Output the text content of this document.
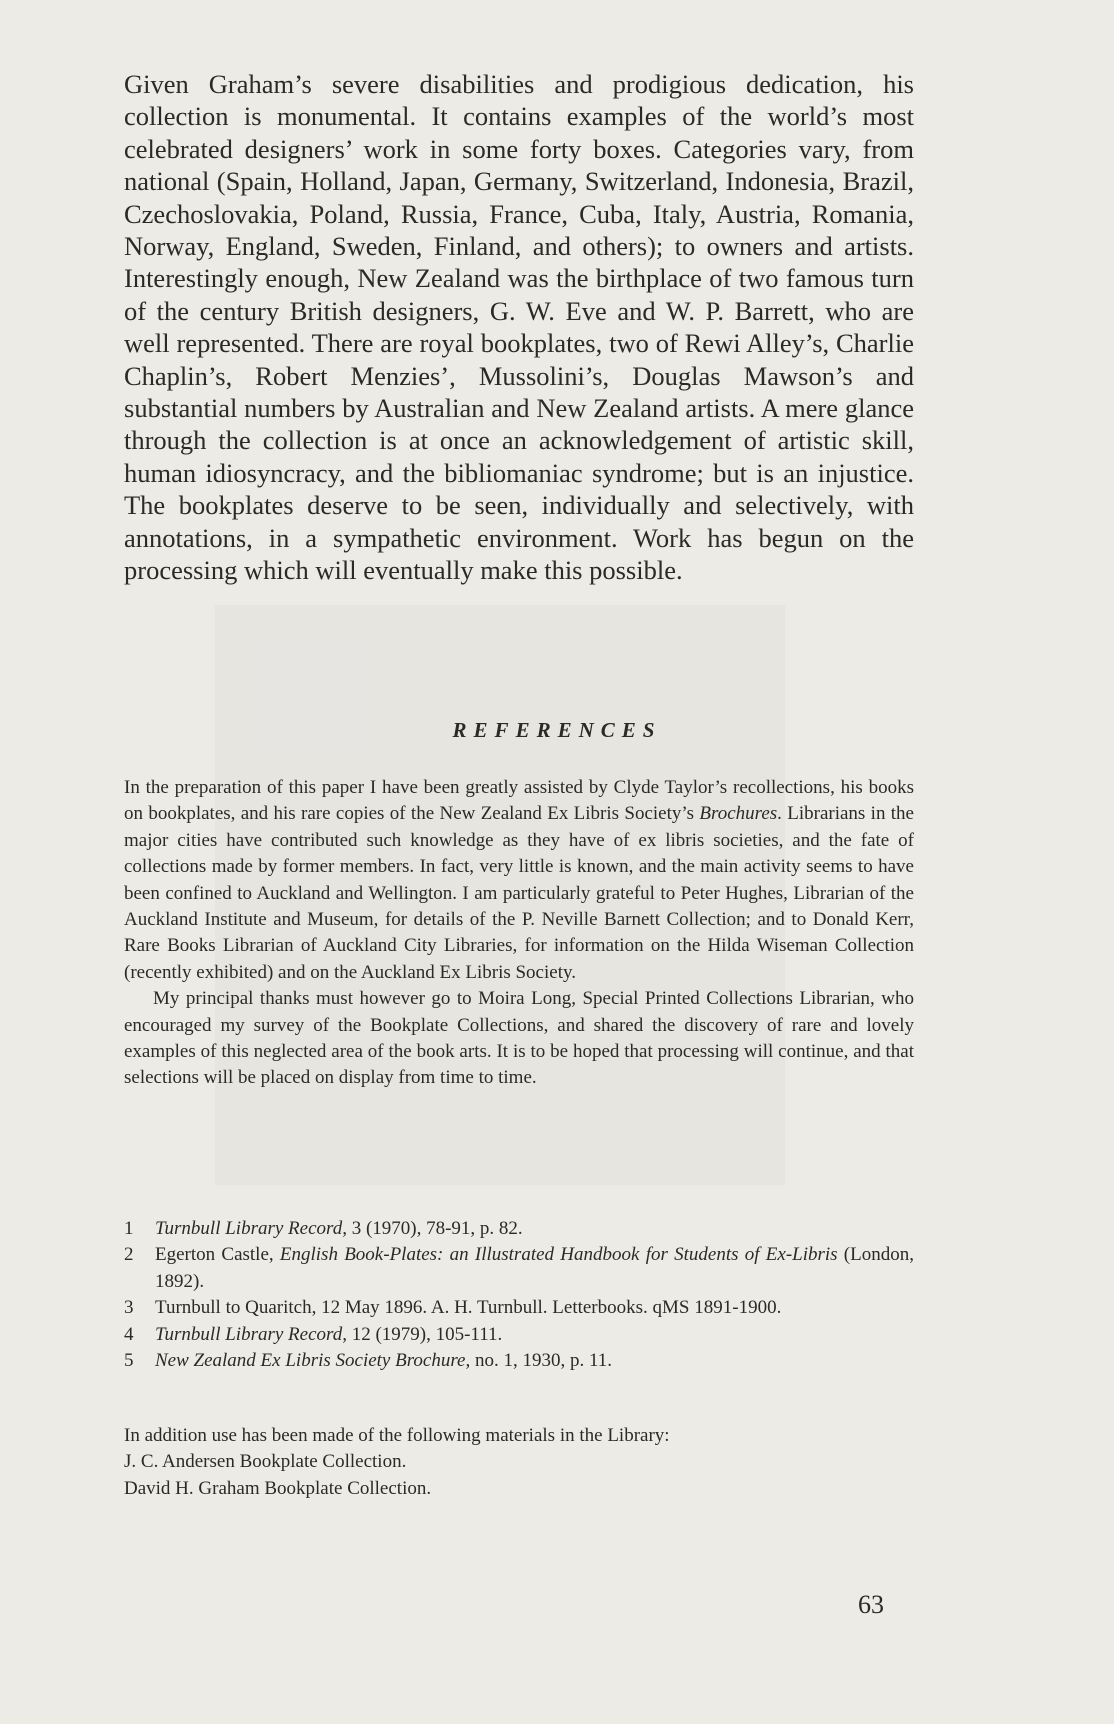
Given Graham’s severe disabilities and prodigious dedication, his collection is monumental. It contains examples of the world’s most celebrated designers’ work in some forty boxes. Categories vary, from national (Spain, Holland, Japan, Germany, Switzerland, Indonesia, Brazil, Czechoslovakia, Poland, Russia, France, Cuba, Italy, Austria, Romania, Norway, England, Sweden, Finland, and others); to owners and artists. Interestingly enough, New Zealand was the birthplace of two famous turn of the century British designers, G. W. Eve and W. P. Barrett, who are well represented. There are royal bookplates, two of Rewi Alley’s, Charlie Chaplin’s, Robert Menzies’, Mussolini’s, Douglas Mawson’s and substantial numbers by Australian and New Zealand artists. A mere glance through the collection is at once an acknowledgement of artistic skill, human idiosyncracy, and the bibliomaniac syndrome; but is an injustice. The bookplates deserve to be seen, individually and selectively, with annotations, in a sympathetic environment. Work has begun on the processing which will eventually make this possible.

REFERENCES

In the preparation of this paper I have been greatly assisted by Clyde Taylor’s recollections, his books on bookplates, and his rare copies of the New Zealand Ex Libris Society’s Brochures. Librarians in the major cities have contributed such knowledge as they have of ex libris societies, and the fate of collections made by former members. In fact, very little is known, and the main activity seems to have been confined to Auckland and Wellington. I am particularly grateful to Peter Hughes, Librarian of the Auckland Institute and Museum, for details of the P. Neville Barnett Collection; and to Donald Kerr, Rare Books Librarian of Auckland City Libraries, for information on the Hilda Wiseman Collection (recently exhibited) and on the Auckland Ex Libris Society.

My principal thanks must however go to Moira Long, Special Printed Collections Librarian, who encouraged my survey of the Bookplate Collections, and shared the discovery of rare and lovely examples of this neglected area of the book arts. It is to be hoped that processing will continue, and that selections will be placed on display from time to time.

1	Turnbull Library Record, 3 (1970), 78-91, p. 82.
2	Egerton Castle, English Book-Plates: an Illustrated Handbook for Students of Ex-Libris (London, 1892).
3	Turnbull to Quaritch, 12 May 1896. A. H. Turnbull. Letterbooks. qMS 1891-1900.
4	Turnbull Library Record, 12 (1979), 105-111.
5	New Zealand Ex Libris Society Brochure, no. 1, 1930, p. 11.
In addition use has been made of the following materials in the Library:
J. C. Andersen Bookplate Collection.
David H. Graham Bookplate Collection.
63
